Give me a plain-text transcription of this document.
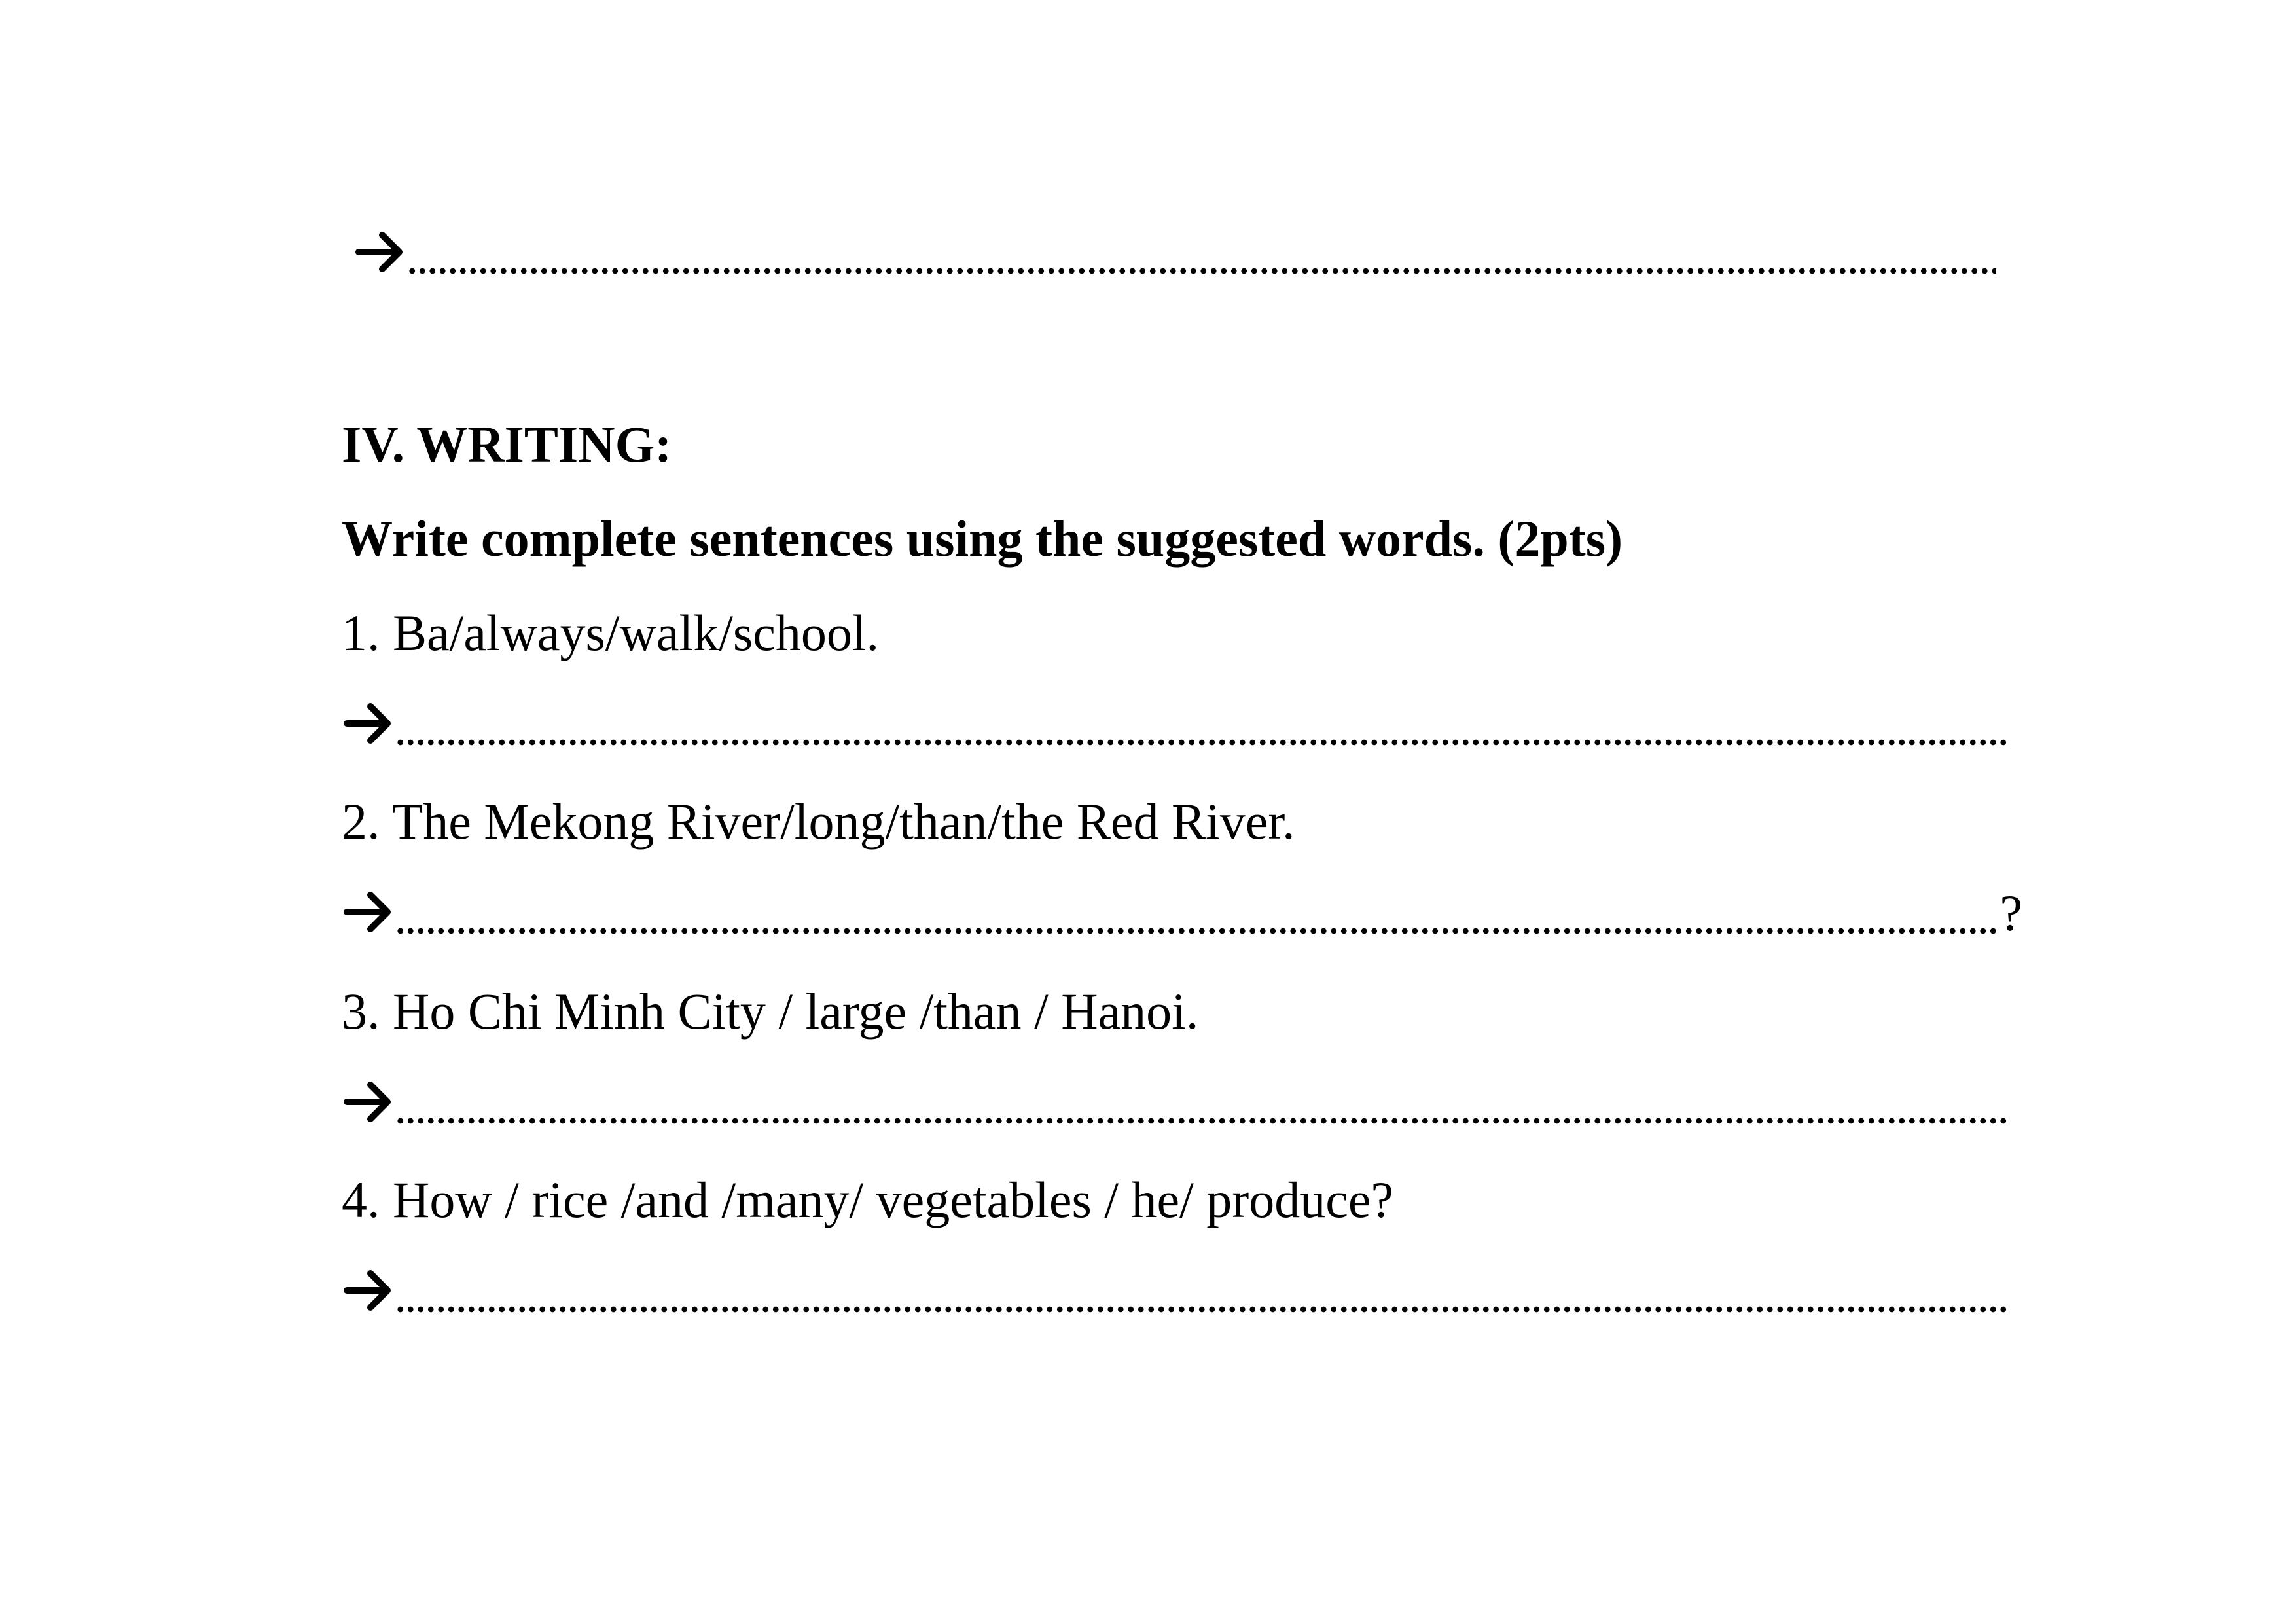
IV. WRITING:
Write complete sentences using the suggested words. (2pts)
1. Ba/always/walk/school.
2. The Mekong River/long/than/the Red River.
?
3. Ho Chi Minh City / large /than / Hanoi.
4. How / rice /and /many/ vegetables / he/ produce?
